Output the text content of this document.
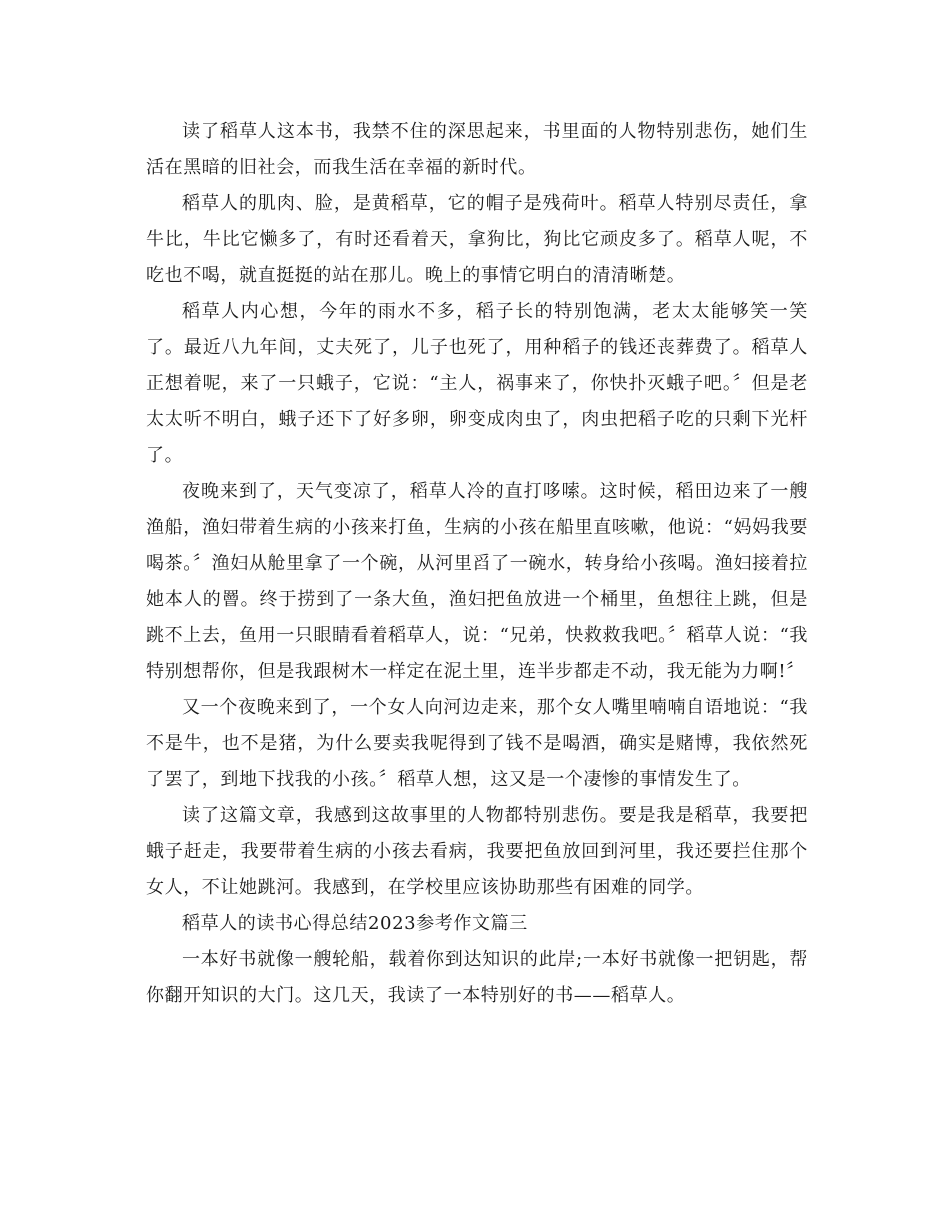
读了稻草人这本书，我禁不住的深思起来，书里面的人物特别悲伤，她们生活在黑暗的旧社会，而我生活在幸福的新时代。

稻草人的肌肉、脸，是黄稻草，它的帽子是残荷叶。稻草人特别尽责任，拿牛比，牛比它懒多了，有时还看着天，拿狗比，狗比它顽皮多了。稻草人呢，不吃也不喝，就直挺挺的站在那儿。晚上的事情它明白的清清晰楚。

稻草人内心想，今年的雨水不多，稻子长的特别饱满，老太太能够笑一笑了。最近八九年间，丈夫死了，儿子也死了，用种稻子的钱还丧葬费了。稻草人正想着呢，来了一只蛾子，它说：“主人，祸事来了，你快扑灭蛾子吧。〞但是老太太听不明白，蛾子还下了好多卵，卵变成肉虫了，肉虫把稻子吃的只剩下光杆了。

夜晚来到了，天气变凉了，稻草人冷的直打哆嗦。这时候，稻田边来了一艘渔船，渔妇带着生病的小孩来打鱼，生病的小孩在船里直咳嗽，他说：“妈妈我要喝茶。〞渔妇从舱里拿了一个碗，从河里舀了一碗水，转身给小孩喝。渔妇接着拉她本人的罾。终于捞到了一条大鱼，渔妇把鱼放进一个桶里，鱼想往上跳，但是跳不上去，鱼用一只眼睛看着稻草人，说：“兄弟，快救救我吧。〞稻草人说：“我特别想帮你，但是我跟树木一样定在泥土里，连半步都走不动，我无能为力啊!〞

又一个夜晚来到了，一个女人向河边走来，那个女人嘴里喃喃自语地说：“我不是牛，也不是猪，为什么要卖我呢得到了钱不是喝酒，确实是赌博，我依然死了罢了，到地下找我的小孩。〞稻草人想，这又是一个凄惨的事情发生了。

读了这篇文章，我感到这故事里的人物都特别悲伤。要是我是稻草，我要把蛾子赶走，我要带着生病的小孩去看病，我要把鱼放回到河里，我还要拦住那个女人，不让她跳河。我感到，在学校里应该协助那些有困难的同学。

稻草人的读书心得总结2023参考作文篇三

一本好书就像一艘轮船，载着你到达知识的此岸;一本好书就像一把钥匙，帮你翻开知识的大门。这几天，我读了一本特别好的书——稻草人。
